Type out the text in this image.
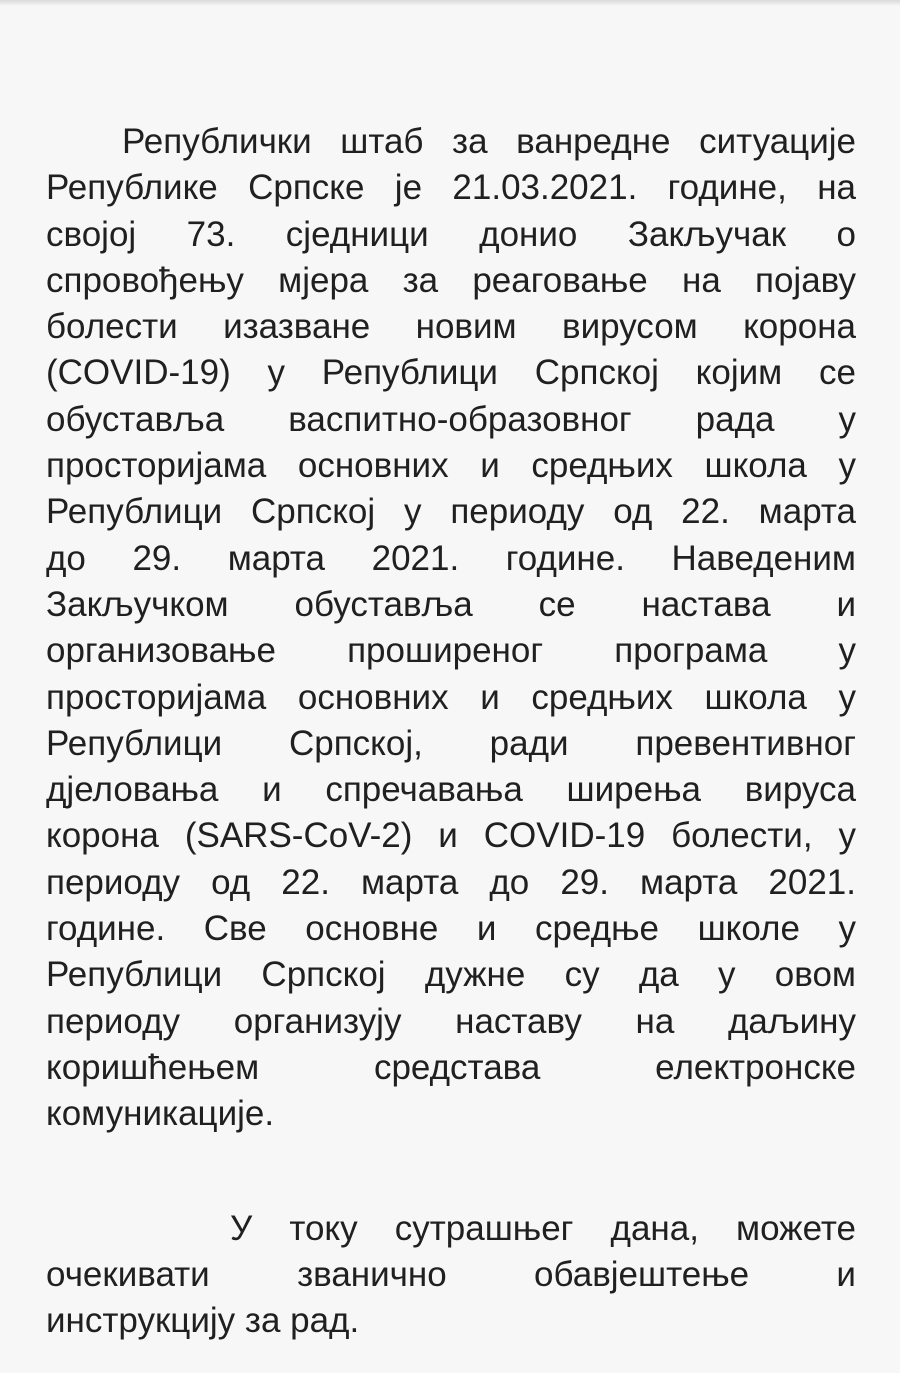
Републички штаб за ванредне ситуације
Републике Српске је 21.03.2021. године, на
својој 73. сједници донио Закључак о
спровођењу мјера за реаговање на појаву
болести изазване новим вирусом корона
(COVID-19) у Републици Српској којим се
обуставља васпитно-образовног рада у
просторијама основних и средњих школа у
Републици Српској у периоду од 22. марта
до 29. марта 2021. године. Наведеним
Закључком обуставља се настава и
организовање проширеног програма у
просторијама основних и средњих школа у
Републици Српској, ради превентивног
дјеловања и спречавања ширења вируса
корона (SARS-CoV-2) и COVID-19 болести, у
периоду од 22. марта до 29. марта 2021.
године. Све основне и средње школе у
Републици Српској дужне су да у овом
периоду организују наставу на даљину
коришћењем средстава електронске
комуникације.
У току сутрашњег дана, можете
очекивати званично обавјештење и
инструкцију за рад.
